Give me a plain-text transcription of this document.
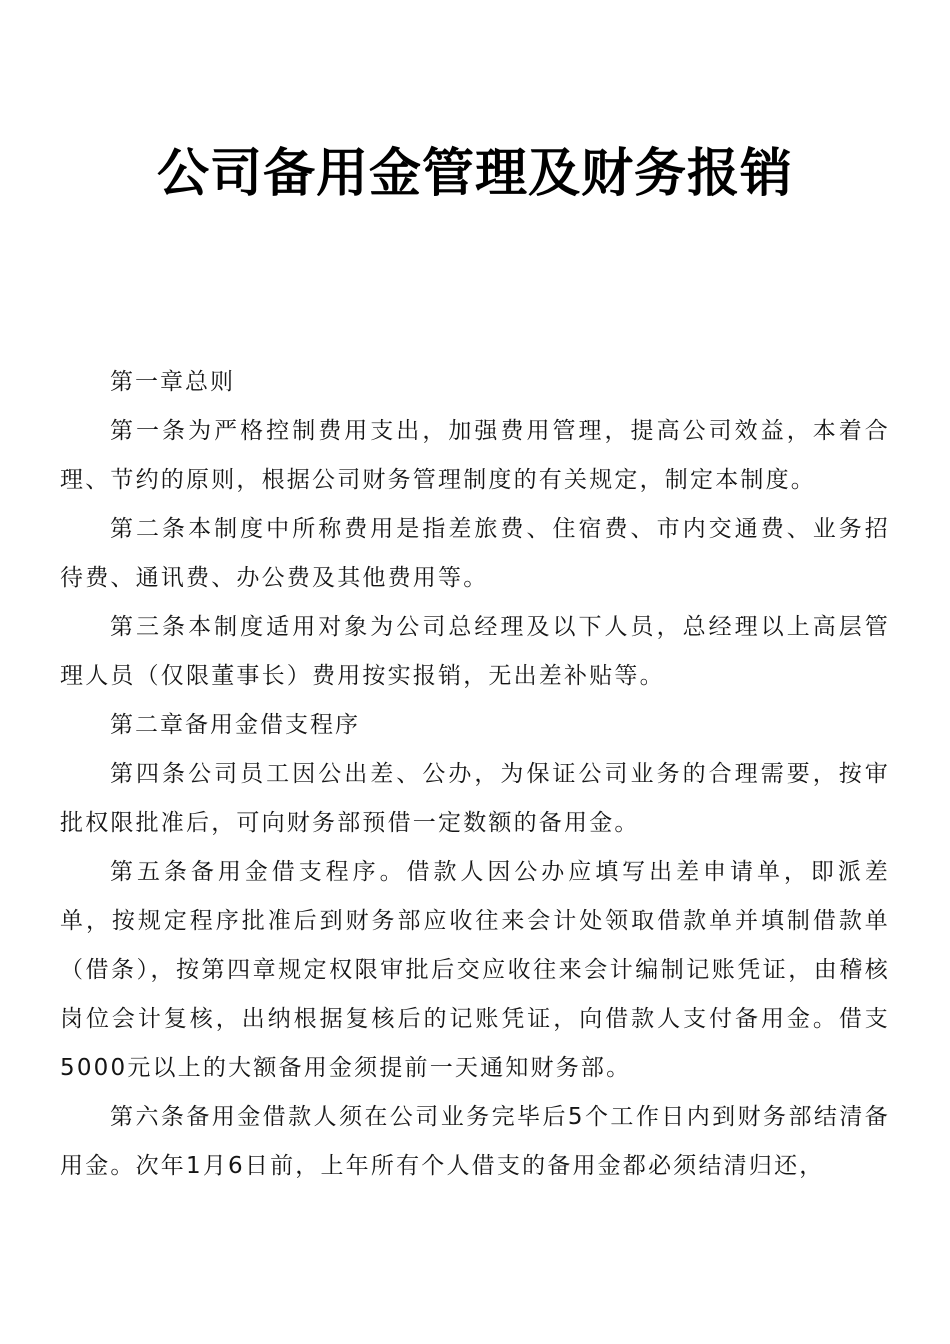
公司备用金管理及财务报销

第一章总则

第一条为严格控制费用支出，加强费用管理，提高公司效益，本着合理、节约的原则，根据公司财务管理制度的有关规定，制定本制度。

第二条本制度中所称费用是指差旅费、住宿费、市内交通费、业务招待费、通讯费、办公费及其他费用等。

第三条本制度适用对象为公司总经理及以下人员，总经理以上高层管理人员（仅限董事长）费用按实报销，无出差补贴等。

第二章备用金借支程序

第四条公司员工因公出差、公办，为保证公司业务的合理需要，按审批权限批准后，可向财务部预借一定数额的备用金。

第五条备用金借支程序。借款人因公办应填写出差申请单，即派差单，按规定程序批准后到财务部应收往来会计处领取借款单并填制借款单（借条），按第四章规定权限审批后交应收往来会计编制记账凭证，由稽核岗位会计复核，出纳根据复核后的记账凭证，向借款人支付备用金。借支5000元以上的大额备用金须提前一天通知财务部。

第六条备用金借款人须在公司业务完毕后5个工作日内到财务部结清备用金。次年1月6日前，上年所有个人借支的备用金都必须结清归还，
